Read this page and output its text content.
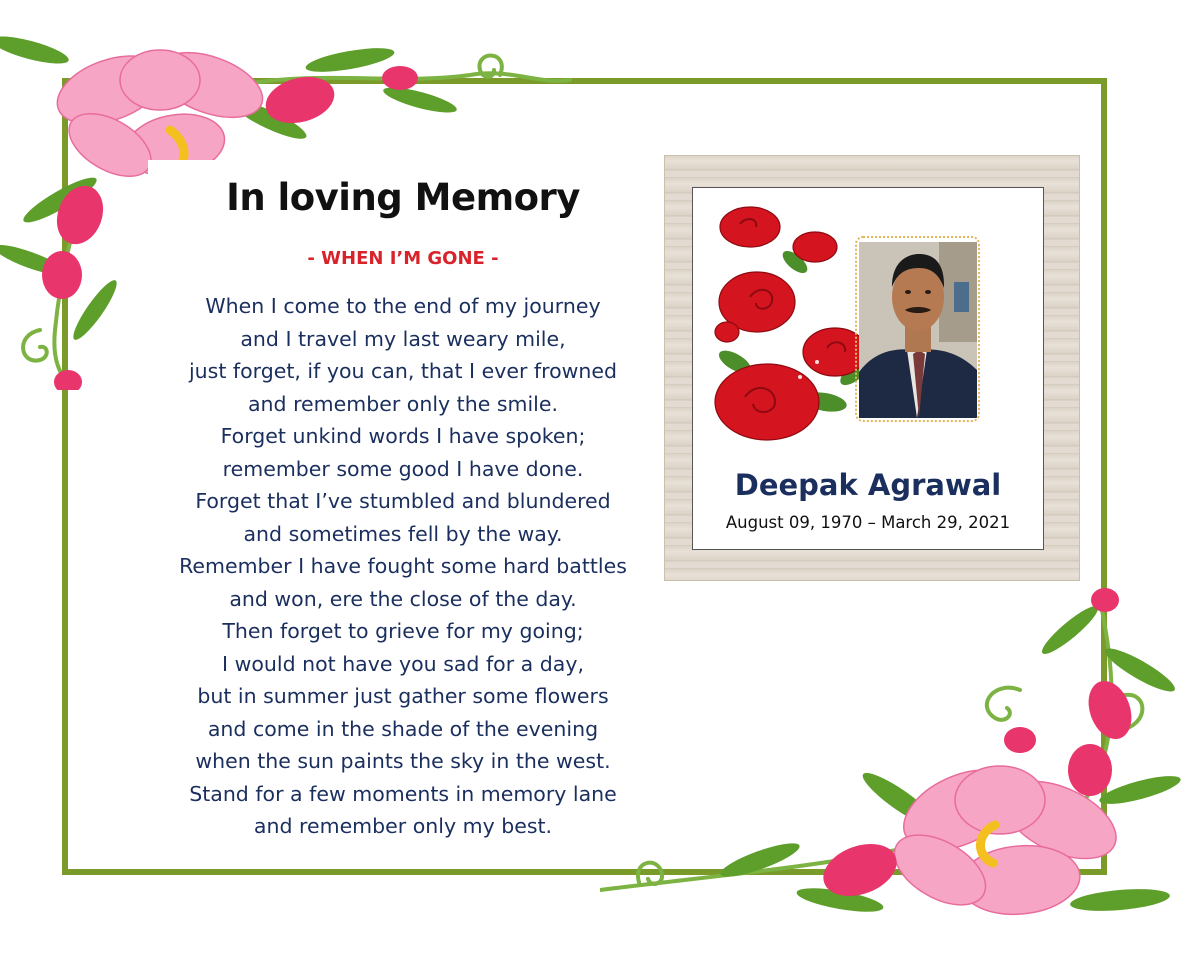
In loving Memory
- WHEN I’M GONE -
When I come to the end of my journey
and I travel my last weary mile,
just forget, if you can, that I ever frowned
and remember only the smile.
Forget unkind words I have spoken;
remember some good I have done.
Forget that I’ve stumbled and blundered
and sometimes fell by the way.
Remember I have fought some hard battles
and won, ere the close of the day.
Then forget to grieve for my going;
I would not have you sad for a day,
but in summer just gather some flowers
and come in the shade of the evening
when the sun paints the sky in the west.
Stand for a few moments in memory lane
and remember only my best.
Deepak Agrawal
August 09, 1970 – March 29, 2021
